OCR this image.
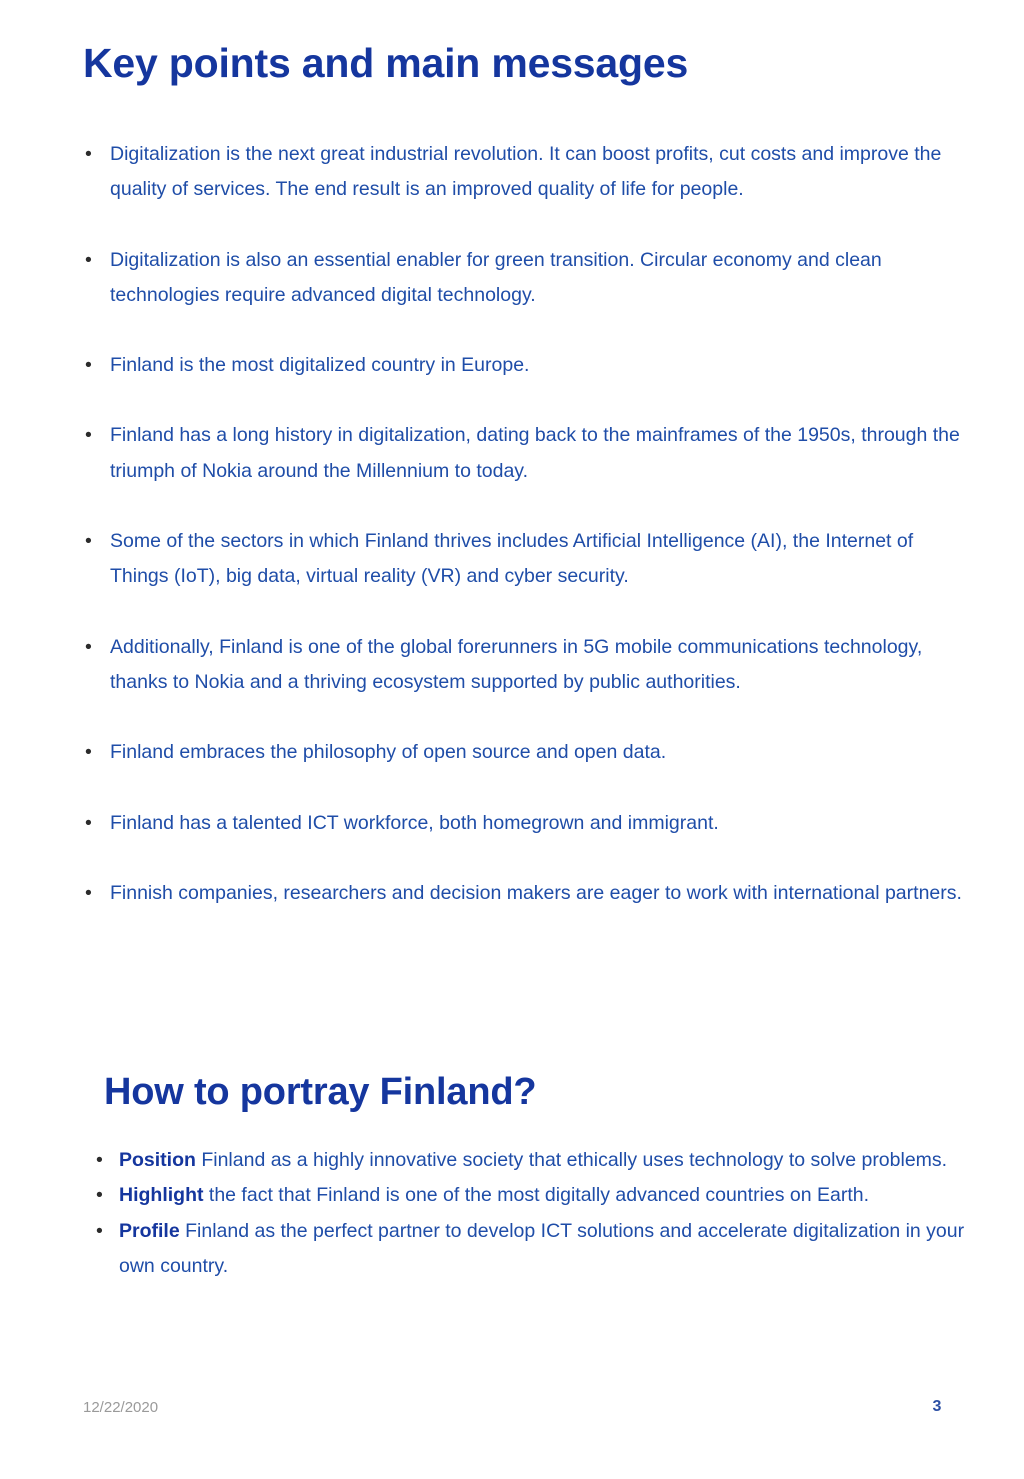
Key points and main messages
• Digitalization is the next great industrial revolution. It can boost profits, cut costs and improve the quality of services. The end result is an improved quality of life for people.
• Digitalization is also an essential enabler for green transition. Circular economy and clean technologies require advanced digital technology.
• Finland is the most digitalized country in Europe.
• Finland has a long history in digitalization, dating back to the mainframes of the 1950s, through the triumph of Nokia around the Millennium to today.
• Some of the sectors in which Finland thrives includes Artificial Intelligence (AI), the Internet of Things (IoT), big data, virtual reality (VR) and cyber security.
• Additionally, Finland is one of the global forerunners in 5G mobile communications technology, thanks to Nokia and a thriving ecosystem supported by public authorities.
• Finland embraces the philosophy of open source and open data.
• Finland has a talented ICT workforce, both homegrown and immigrant.
• Finnish companies, researchers and decision makers are eager to work with international partners.
How to portray Finland?
• Position Finland as a highly innovative society that ethically uses technology to solve problems.
• Highlight the fact that Finland is one of the most digitally advanced countries on Earth.
• Profile Finland as the perfect partner to develop ICT solutions and accelerate digitalization in your own country.
12/22/2020	3
